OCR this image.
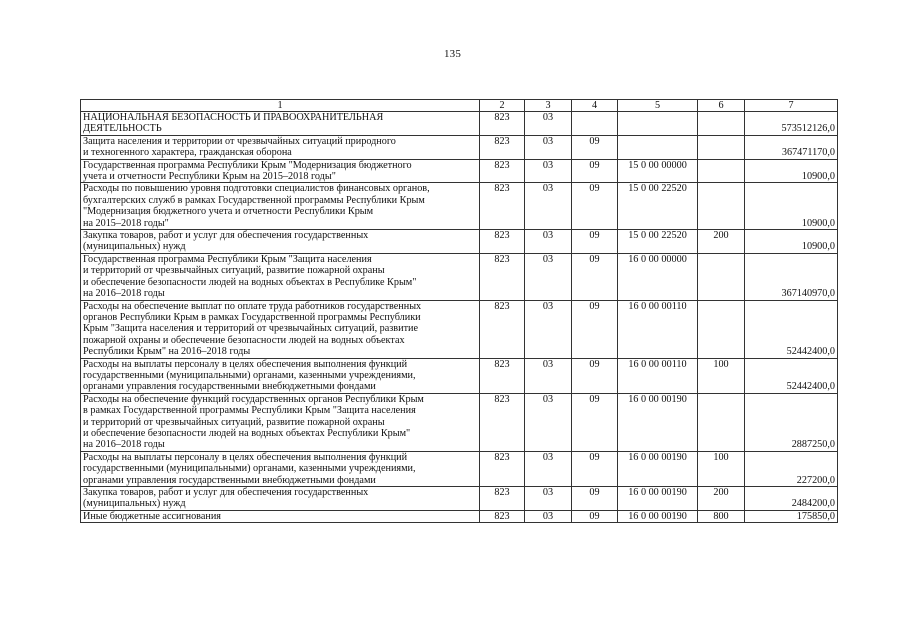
135
1	2	3	4	5	6	7
НАЦИОНАЛЬНАЯ БЕЗОПАСНОСТЬ И ПРАВООХРАНИТЕЛЬНАЯ
ДЕЯТЕЛЬНОСТЬ	823	03				573512126,0
Защита населения и территории от чрезвычайных ситуаций природного
и техногенного характера, гражданская оборона	823	03	09			367471170,0
Государственная программа Республики Крым "Модернизация бюджетного
учета и отчетности Республики Крым на 2015–2018 годы"	823	03	09	15 0 00 00000		10900,0
Расходы по повышению уровня подготовки специалистов финансовых органов,
бухгалтерских служб в рамках Государственной программы Республики Крым
"Модернизация бюджетного учета и отчетности Республики Крым
на 2015–2018 годы"	823	03	09	15 0 00 22520		10900,0
Закупка товаров, работ и услуг для обеспечения государственных
(муниципальных) нужд	823	03	09	15 0 00 22520	200	10900,0
Государственная программа Республики Крым "Защита населения
и территорий от чрезвычайных ситуаций, развитие пожарной охраны
и обеспечение безопасности людей на водных объектах в Республике Крым"
на 2016–2018 годы	823	03	09	16 0 00 00000		367140970,0
Расходы на обеспечение выплат по оплате труда работников государственных
органов Республики Крым в рамках Государственной программы Республики
Крым "Защита населения и территорий от чрезвычайных ситуаций, развитие
пожарной охраны и обеспечение безопасности людей на водных объектах
Республики Крым" на 2016–2018 годы	823	03	09	16 0 00 00110		52442400,0
Расходы на выплаты персоналу в целях обеспечения выполнения функций
государственными (муниципальными) органами, казенными учреждениями,
органами управления государственными внебюджетными фондами	823	03	09	16 0 00 00110	100	52442400,0
Расходы на обеспечение функций государственных органов Республики Крым
в рамках Государственной программы Республики Крым "Защита населения
и территорий от чрезвычайных ситуаций, развитие пожарной охраны
и обеспечение безопасности людей на водных объектах Республики Крым"
на 2016–2018 годы	823	03	09	16 0 00 00190		2887250,0
Расходы на выплаты персоналу в целях обеспечения выполнения функций
государственными (муниципальными) органами, казенными учреждениями,
органами управления государственными внебюджетными фондами	823	03	09	16 0 00 00190	100	227200,0
Закупка товаров, работ и услуг для обеспечения государственных
(муниципальных) нужд	823	03	09	16 0 00 00190	200	2484200,0
Иные бюджетные ассигнования	823	03	09	16 0 00 00190	800	175850,0
